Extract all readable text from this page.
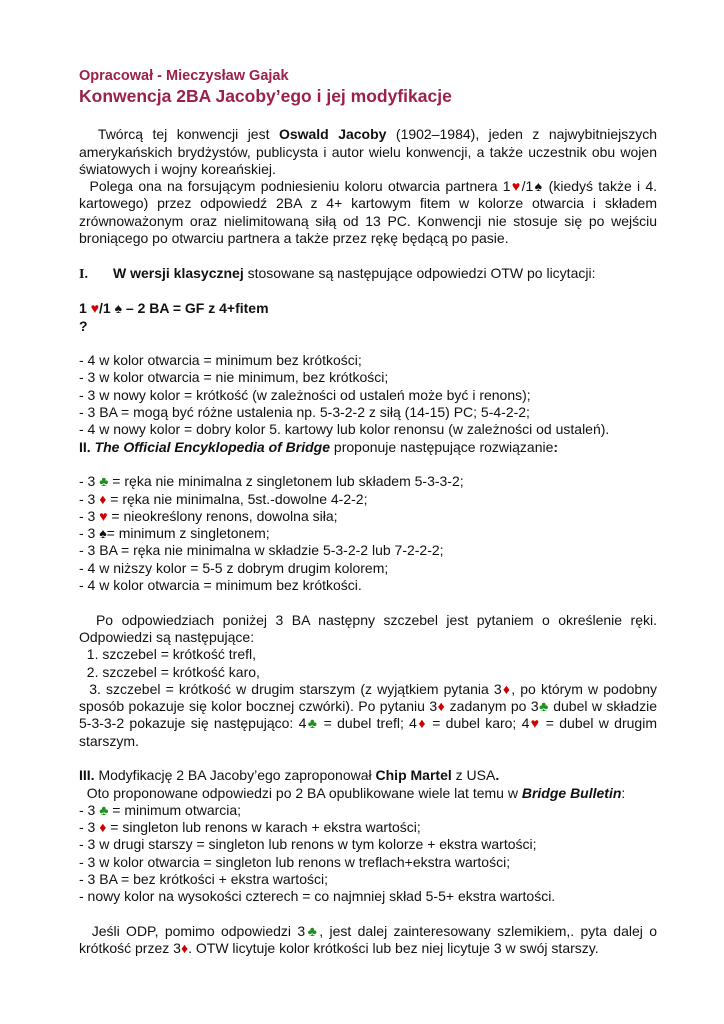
Opracował - Mieczysław Gajak

Konwencja 2BA Jacoby’ego i jej modyfikacje

Twórcą tej konwencji jest Oswald Jacoby (1902–1984), jeden z najwybitniejszych amerykańskich brydżystów, publicysta i autor wielu konwencji, a także uczestnik obu wojen światowych i wojny koreańskiej.

Polega ona na forsującym podniesieniu koloru otwarcia partnera 1♥/1♠ (kiedyś także i 4. kartowego) przez odpowiedź 2BA z 4+ kartowym fitem w kolorze otwarcia i składem zrównoważonym oraz nielimitowaną siłą od 13 PC. Konwencji nie stosuje się po wejściu broniącego po otwarciu partnera a także przez rękę będącą po pasie.

I. W wersji klasycznej stosowane są następujące odpowiedzi OTW po licytacji:

1 ♥/1 ♠ – 2 BA = GF z 4+fitem

?

- 4 w kolor otwarcia = minimum bez krótkości;

- 3 w kolor otwarcia = nie minimum, bez krótkości;

- 3 w nowy kolor = krótkość (w zależności od ustaleń może być i renons);

- 3 BA = mogą być różne ustalenia np. 5-3-2-2 z siłą (14-15) PC; 5-4-2-2;

- 4 w nowy kolor = dobry kolor 5. kartowy lub kolor renonsu (w zależności od ustaleń).

II. The Official Encyklopedia of Bridge proponuje następujące rozwiązanie:

- 3 ♣ = ręka nie minimalna z singletonem lub składem 5-3-3-2;

- 3 ♦ = ręka nie minimalna, 5st.-dowolne 4-2-2;

- 3 ♥ = nieokreślony renons, dowolna siła;

- 3 ♠= minimum z singletonem;

- 3 BA = ręka nie minimalna w składzie 5-3-2-2 lub 7-2-2-2;

- 4 w niższy kolor = 5-5 z dobrym drugim kolorem;

- 4 w kolor otwarcia = minimum bez krótkości.

Po odpowiedziach poniżej 3 BA następny szczebel jest pytaniem o określenie ręki. Odpowiedzi są następujące:

1. szczebel = krótkość trefl,

2. szczebel = krótkość karo,

3. szczebel = krótkość w drugim starszym (z wyjątkiem pytania 3♦, po którym w podobny sposób pokazuje się kolor bocznej czwórki). Po pytaniu 3♦ zadanym po 3♣ dubel w składzie 5-3-3-2 pokazuje się następująco: 4♣ = dubel trefl; 4♦ = dubel karo; 4♥ = dubel w drugim starszym.

III. Modyfikację 2 BA Jacoby’ego zaproponował Chip Martel z USA.

Oto proponowane odpowiedzi po 2 BA opublikowane wiele lat temu w Bridge Bulletin:

- 3 ♣ = minimum otwarcia;

- 3 ♦ = singleton lub renons w karach + ekstra wartości;

- 3 w drugi starszy = singleton lub renons w tym kolorze + ekstra wartości;

- 3 w kolor otwarcia = singleton lub renons w treflach+ekstra wartości;

- 3 BA = bez krótkości + ekstra wartości;

- nowy kolor na wysokości czterech = co najmniej skład 5-5+ ekstra wartości.

Jeśli ODP, pomimo odpowiedzi 3♣, jest dalej zainteresowany szlemikiem,. pyta dalej o krótkość przez 3♦. OTW licytuje kolor krótkości lub bez niej licytuje 3 w swój starszy.
